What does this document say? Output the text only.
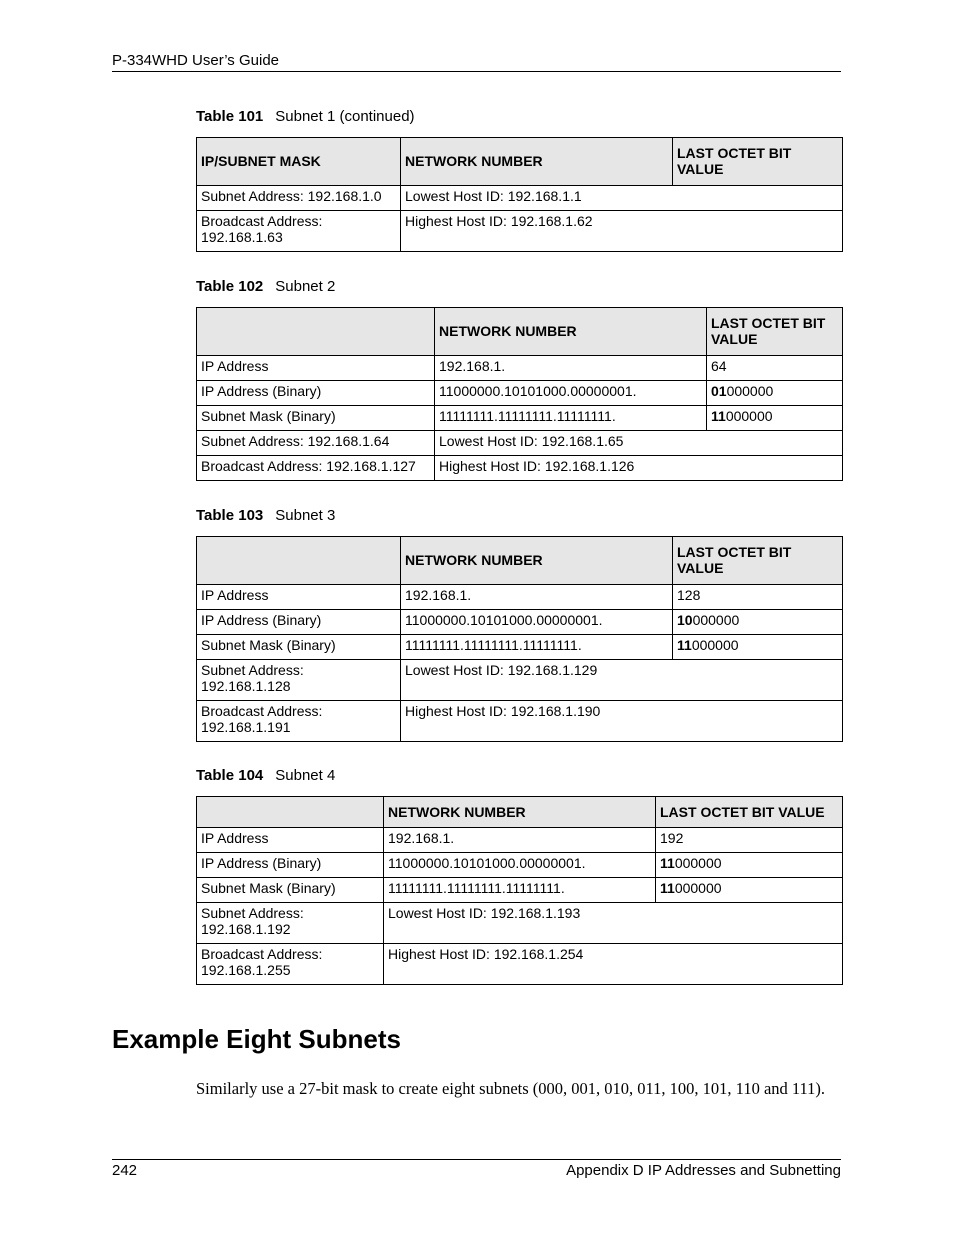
P-334WHD User’s Guide
Table 101 Subnet 1 (continued)
IP/SUBNET MASK	NETWORK NUMBER	LAST OCTET BIT VALUE
Subnet Address: 192.168.1.0	Lowest Host ID: 192.168.1.1	
Broadcast Address: 192.168.1.63	Highest Host ID: 192.168.1.62	
Table 102 Subnet 2
	NETWORK NUMBER	LAST OCTET BIT VALUE
IP Address	192.168.1.	64
IP Address (Binary)	11000000.10101000.00000001.	01000000
Subnet Mask (Binary)	11111111.11111111.11111111.	11000000
Subnet Address: 192.168.1.64	Lowest Host ID: 192.168.1.65	
Broadcast Address: 192.168.1.127	Highest Host ID: 192.168.1.126	
Table 103 Subnet 3
	NETWORK NUMBER	LAST OCTET BIT VALUE
IP Address	192.168.1.	128
IP Address (Binary)	11000000.10101000.00000001.	10000000
Subnet Mask (Binary)	11111111.11111111.11111111.	11000000
Subnet Address: 192.168.1.128	Lowest Host ID: 192.168.1.129	
Broadcast Address: 192.168.1.191	Highest Host ID: 192.168.1.190	
Table 104 Subnet 4
	NETWORK NUMBER	LAST OCTET BIT VALUE
IP Address	192.168.1.	192
IP Address (Binary)	11000000.10101000.00000001.	11000000
Subnet Mask (Binary)	11111111.11111111.11111111.	11000000
Subnet Address: 192.168.1.192	Lowest Host ID: 192.168.1.193	
Broadcast Address: 192.168.1.255	Highest Host ID: 192.168.1.254	
Example Eight Subnets

Similarly use a 27-bit mask to create eight subnets (000, 001, 010, 011, 100, 101, 110 and 111).

242	Appendix D IP Addresses and Subnetting
